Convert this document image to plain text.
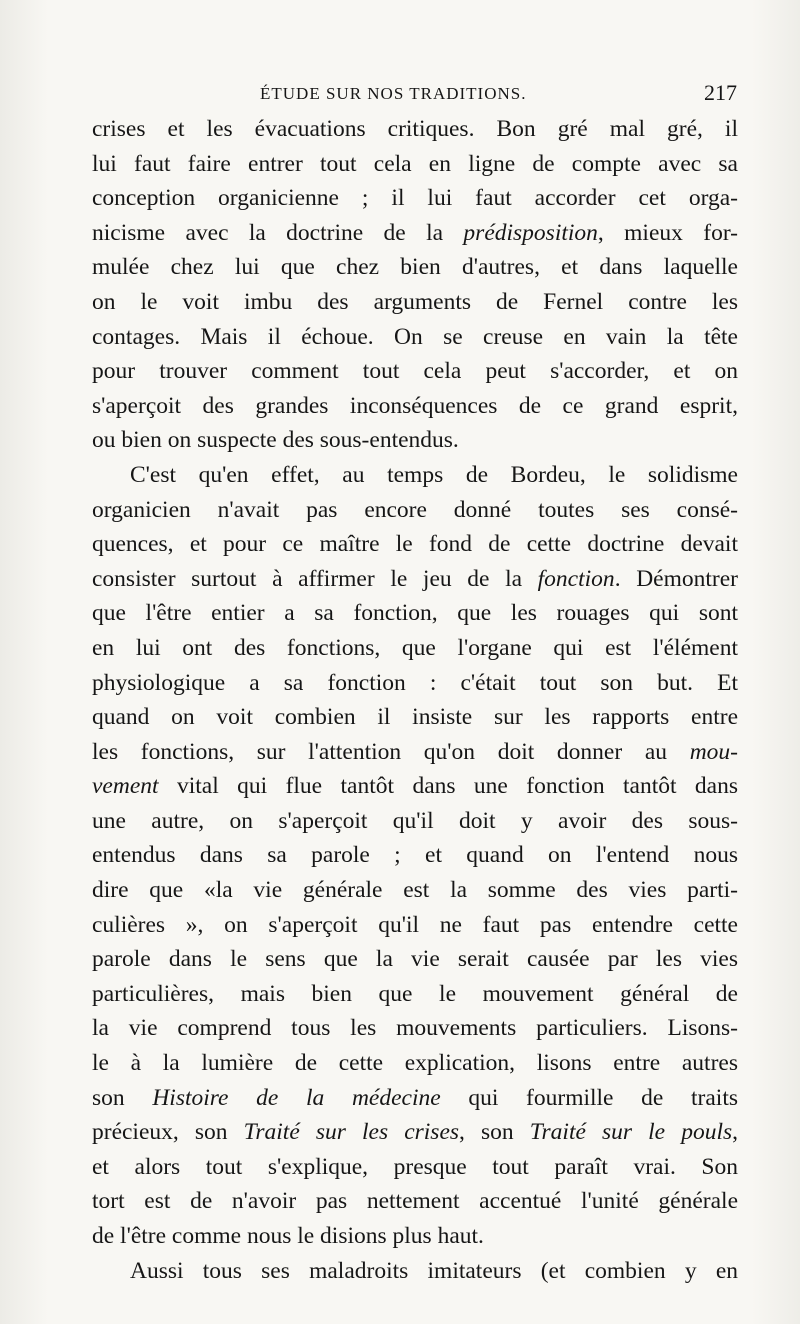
ÉTUDE SUR NOS TRADITIONS.	217
crises et les évacuations critiques. Bon gré mal gré, il
lui faut faire entrer tout cela en ligne de compte avec sa
conception organicienne ; il lui faut accorder cet orga-
nicisme avec la doctrine de la prédisposition, mieux for-
mulée chez lui que chez bien d'autres, et dans laquelle
on le voit imbu des arguments de Fernel contre les
contages. Mais il échoue. On se creuse en vain la tête
pour trouver comment tout cela peut s'accorder, et on
s'aperçoit des grandes inconséquences de ce grand esprit,
ou bien on suspecte des sous-entendus.
C'est qu'en effet, au temps de Bordeu, le solidisme
organicien n'avait pas encore donné toutes ses consé-
quences, et pour ce maître le fond de cette doctrine devait
consister surtout à affirmer le jeu de la fonction. Démontrer
que l'être entier a sa fonction, que les rouages qui sont
en lui ont des fonctions, que l'organe qui est l'élément
physiologique a sa fonction : c'était tout son but. Et
quand on voit combien il insiste sur les rapports entre
les fonctions, sur l'attention qu'on doit donner au mou-
vement vital qui flue tantôt dans une fonction tantôt dans
une autre, on s'aperçoit qu'il doit y avoir des sous-
entendus dans sa parole ; et quand on l'entend nous
dire que «la vie générale est la somme des vies parti-
culières », on s'aperçoit qu'il ne faut pas entendre cette
parole dans le sens que la vie serait causée par les vies
particulières, mais bien que le mouvement général de
la vie comprend tous les mouvements particuliers. Lisons-
le à la lumière de cette explication, lisons entre autres
son Histoire de la médecine qui fourmille de traits
précieux, son Traité sur les crises, son Traité sur le pouls,
et alors tout s'explique, presque tout paraît vrai. Son
tort est de n'avoir pas nettement accentué l'unité générale
de l'être comme nous le disions plus haut.
Aussi tous ses maladroits imitateurs (et combien y en
